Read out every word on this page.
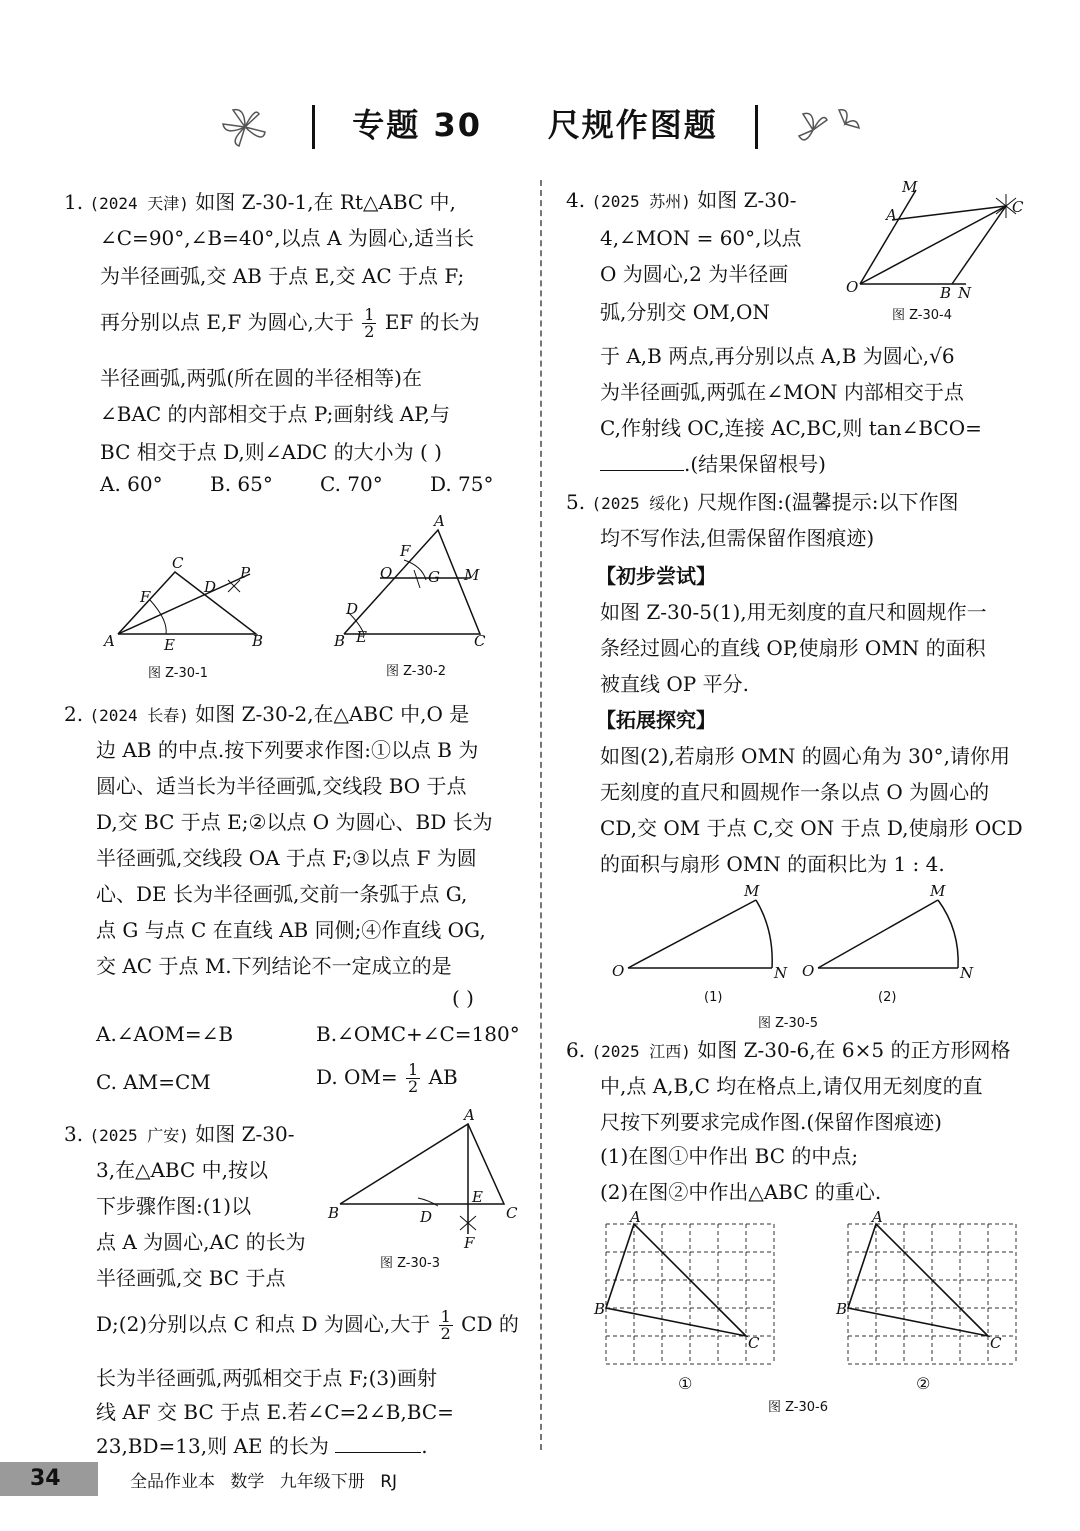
专题 30 尺规作图题
1. (2024 天津) 如图 Z-30-1,在 Rt△ABC 中,
∠C=90°,∠B=40°,以点 A 为圆心,适当长
为半径画弧,交 AB 于点 E,交 AC 于点 F;
再分别以点 E,F 为圆心,大于 $\frac{1}{2}$ EF 的长为
半径画弧,两弧(所在圆的半径相等)在
∠BAC 的内部相交于点 P;画射线 AP,与
BC 相交于点 D,则∠ADC 的大小为 ( )
A. 60° B. 65° C. 70° D. 75°
A
C
B
F
D
P
E
图 Z-30-1
A
B	C
F
O G M
D
E
图 Z-30-2
2. (2024 长春) 如图 Z-30-2,在△ABC 中,O 是
边 AB 的中点.按下列要求作图:①以点 B 为
圆心、适当长为半径画弧,交线段 BO 于点
D,交 BC 于点 E;②以点 O 为圆心、BD 长为
半径画弧,交线段 OA 于点 F;③以点 F 为圆
心、DE 长为半径画弧,交前一条弧于点 G,
点 G 与点 C 在直线 AB 同侧;④作直线 OG,
交 AC 于点 M.下列结论不一定成立的是
( )
A.∠AOM=∠B	B.∠OMC+∠C=180°
C. AM=CM	D. $OM= \frac{1}{2}$ AB
3. (2025 广安) 如图 Z-30-
3,在△ABC 中,按以
下步骤作图:(1)以
点 A 为圆心,AC 的长为
半径画弧,交 BC 于点
D;(2)分别以点 C 和点 D 为圆心,大于 $\frac{1}{2}$ CD 的
长为半径画弧,两弧相交于点 F;(3)画射
线 AF 交 BC 于点 E.若∠C=2∠B,BC=
23,BD=13,则 AE 的长为	.
A
B	C
D
E
F
图 Z-30-3
4. (2025 苏州) 如图 Z-30-
4,∠MON = 60°,以点
O 为圆心,2 为半径画
弧,分别交 OM,ON
于 A,B 两点,再分别以点 A,B 为圆心,√6
为半径画弧,两弧在∠MON 内部相交于点
C,作射线 OC,连接 AC,BC,则 tan∠BCO=
.(结果保留根号)
M
A	C
O	B N
图 Z-30-4
5. (2025 绥化) 尺规作图:(温馨提示:以下作图
均不写作法,但需保留作图痕迹)
【初步尝试】
如图 Z-30-5(1),用无刻度的直尺和圆规作一
条经过圆心的直线 OP,使扇形 OMN 的面积
被直线 OP 平分.
【拓展探究】
如图(2),若扇形 OMN 的圆心角为 30°,请你用
无刻度的直尺和圆规作一条以点 O 为圆心的
CD,交 OM 于点 C,交 ON 于点 D,使扇形 OCD
的面积与扇形 OMN 的面积比为 1 : 4.
O
M
N O
M
N
(1)	(2)
图 Z-30-5
6. (2025 江西) 如图 Z-30-6,在 6×5 的正方形网格
中,点 A,B,C 均在格点上,请仅用无刻度的直
尺按下列要求完成作图.(保留作图痕迹)
(1)在图①中作出 BC 的中点;
(2)在图②中作出△ABC 的重心.
A
B
C
A
B
C
①	②
图 Z-30-6
34	全品作业本 数学 九年级下册 RJ
